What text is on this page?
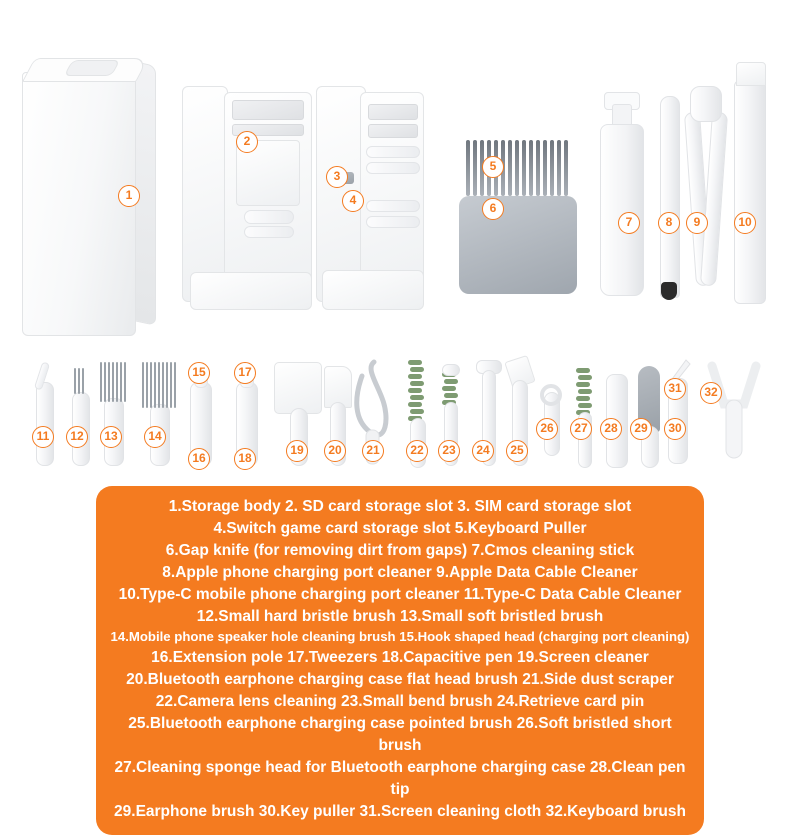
1
2
3
4
5
6
7	8	9	10
11	12	13	14
15
16
17
18
19	20	21	22	23	24	25
26	27	28	29
31
30
32

1.Storage body 2. SD card storage slot 3. SIM card storage slot

4.Switch game card storage slot 5.Keyboard Puller

6.Gap knife (for removing dirt from gaps) 7.Cmos cleaning stick

8.Apple phone charging port cleaner 9.Apple Data Cable Cleaner

10.Type-C mobile phone charging port cleaner 11.Type-C Data Cable Cleaner

12.Small hard bristle brush 13.Small soft bristled brush

14.Mobile phone speaker hole cleaning brush 15.Hook shaped head (charging port cleaning)

16.Extension pole 17.Tweezers 18.Capacitive pen 19.Screen cleaner

20.Bluetooth earphone charging case flat head brush 21.Side dust scraper

22.Camera lens cleaning 23.Small bend brush 24.Retrieve card pin

25.Bluetooth earphone charging case pointed brush 26.Soft bristled short brush

27.Cleaning sponge head for Bluetooth earphone charging case 28.Clean pen tip

29.Earphone brush 30.Key puller 31.Screen cleaning cloth 32.Keyboard brush
